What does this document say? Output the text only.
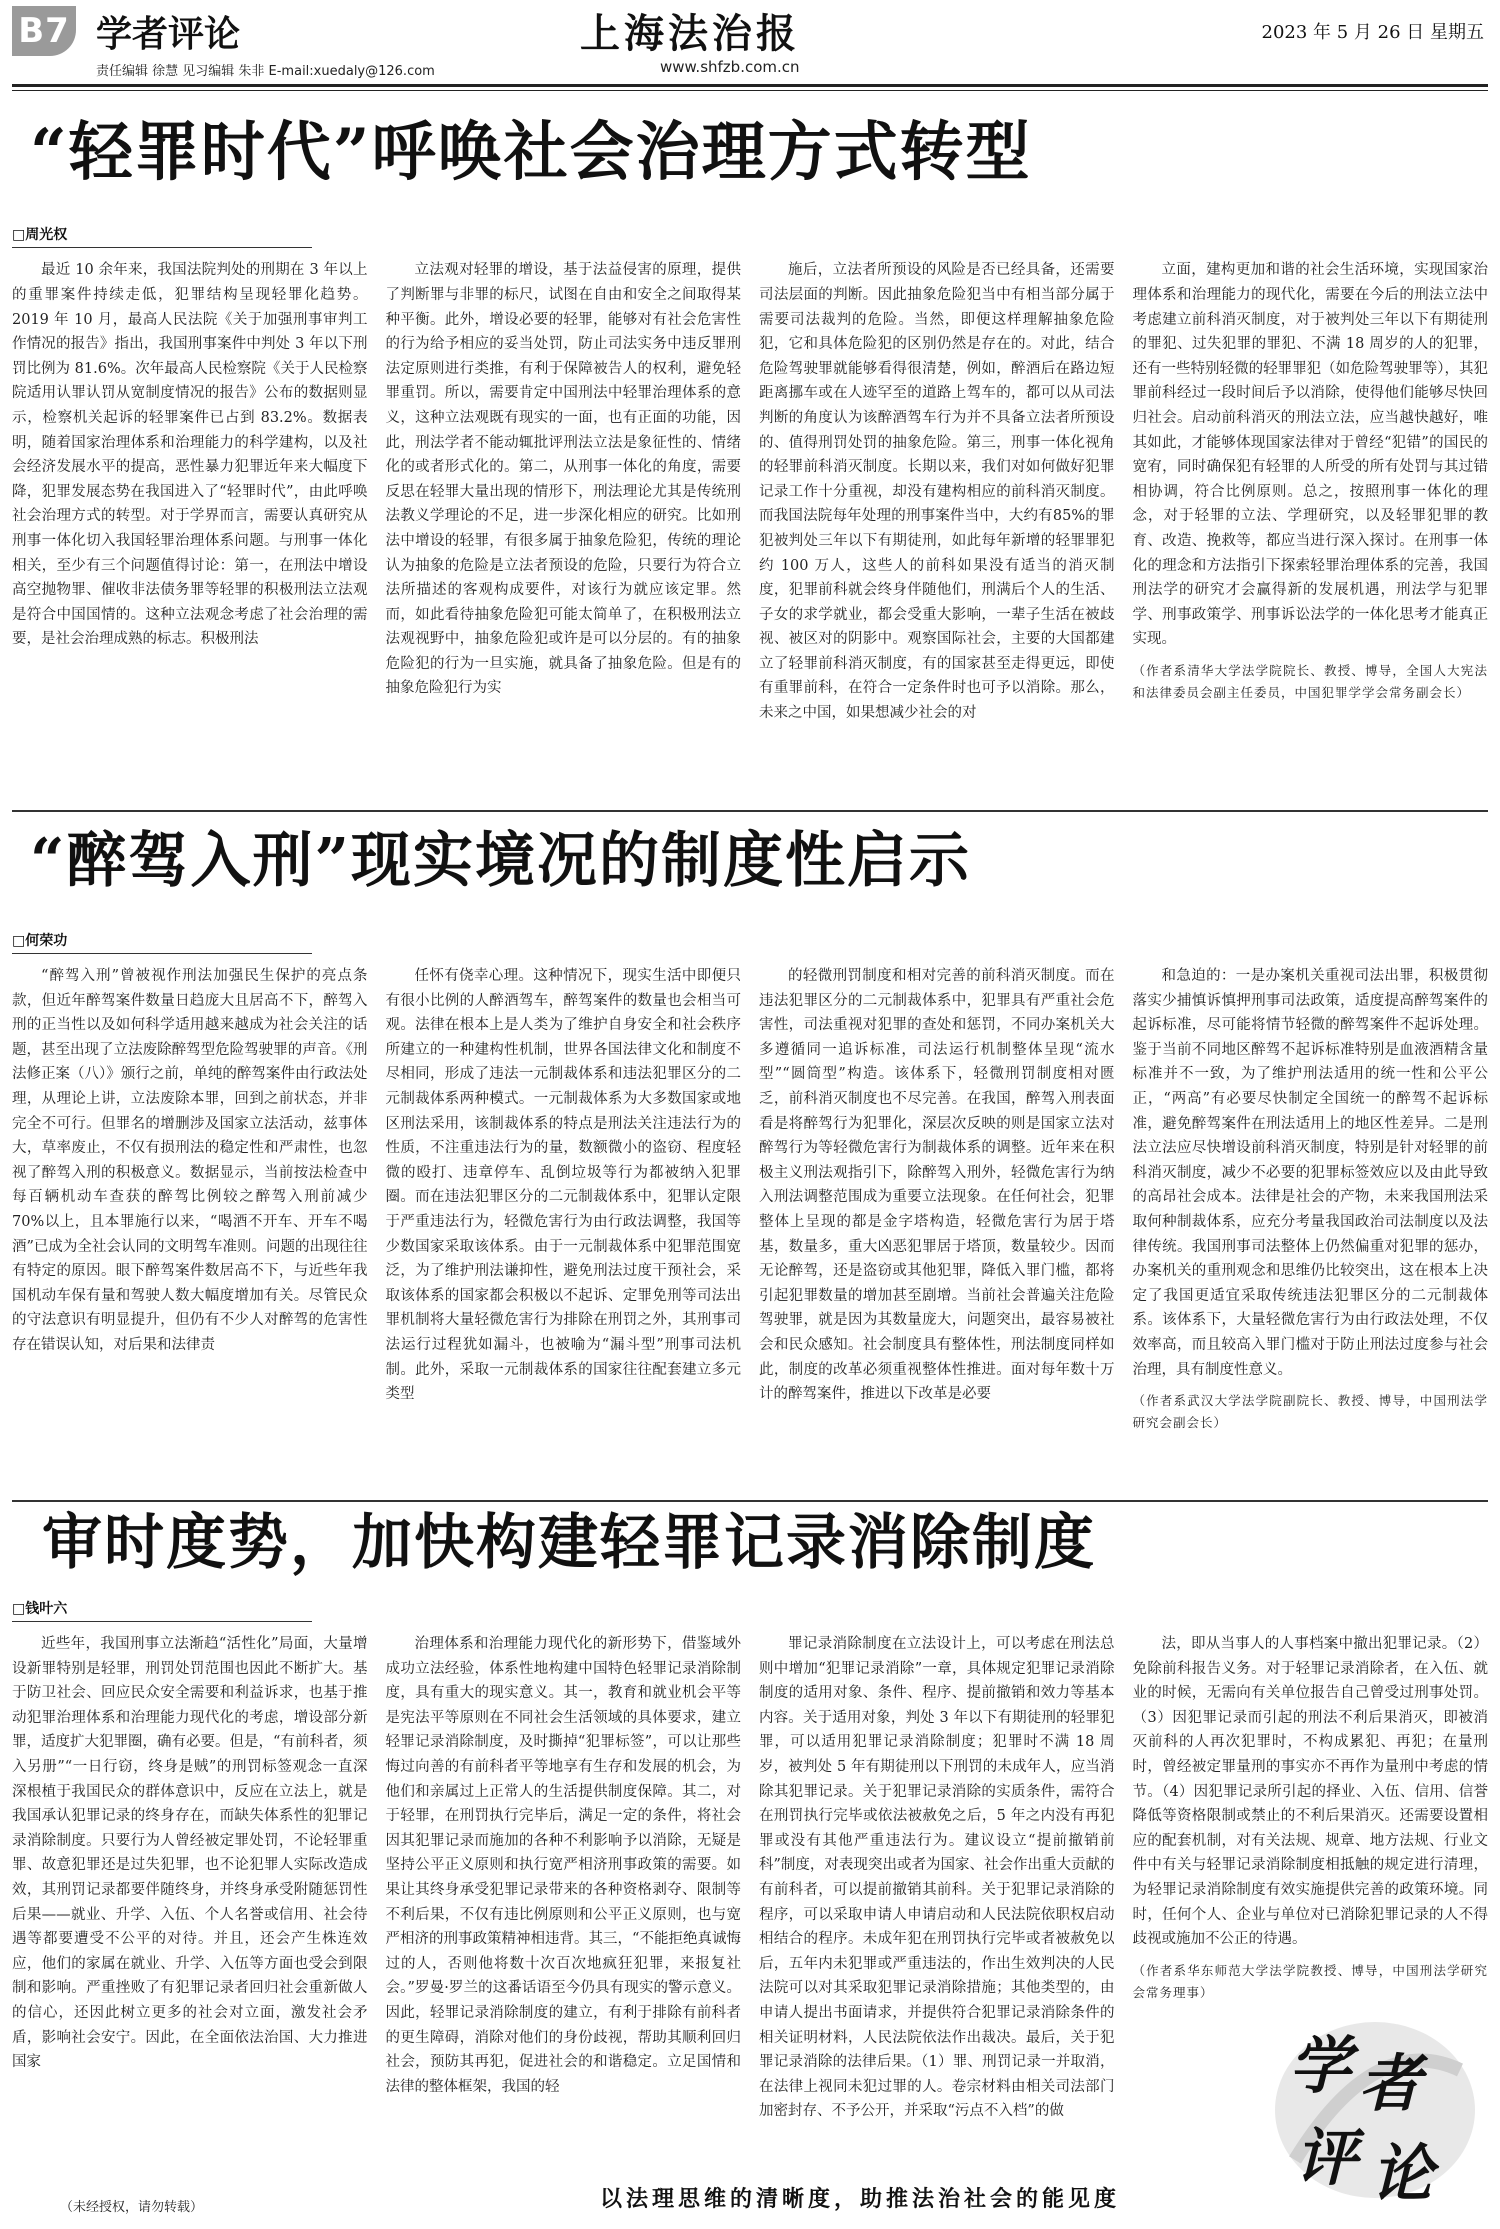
B7 学者评论
责任编辑 徐慧 见习编辑 朱非 E-mail:xuedaly@126.com
上海法治报
www.shfzb.com.cn
2023 年 5 月 26 日 星期五
“轻罪时代”呼唤社会治理方式转型
□周光权

最近 10 余年来，我国法院判处的刑期在 3 年以上的重罪案件持续走低，犯罪结构呈现轻罪化趋势。2019 年 10 月，最高人民法院《关于加强刑事审判工作情况的报告》指出，我国刑事案件中判处 3 年以下刑罚比例为 81.6%。次年最高人民检察院《关于人民检察院适用认罪认罚从宽制度情况的报告》公布的数据则显示，检察机关起诉的轻罪案件已占到 83.2%。数据表明，随着国家治理体系和治理能力的科学建构，以及社会经济发展水平的提高，恶性暴力犯罪近年来大幅度下降，犯罪发展态势在我国进入了“轻罪时代”，由此呼唤社会治理方式的转型。对于学界而言，需要认真研究从刑事一体化切入我国轻罪治理体系问题。与刑事一体化相关，至少有三个问题值得讨论：第一，在刑法中增设高空抛物罪、催收非法债务罪等轻罪的积极刑法立法观是符合中国国情的。这种立法观念考虑了社会治理的需要，是社会治理成熟的标志。积极刑法

立法观对轻罪的增设，基于法益侵害的原理，提供了判断罪与非罪的标尺，试图在自由和安全之间取得某种平衡。此外，增设必要的轻罪，能够对有社会危害性的行为给予相应的妥当处罚，防止司法实务中违反罪刑法定原则进行类推，有利于保障被告人的权利，避免轻罪重罚。所以，需要肯定中国刑法中轻罪治理体系的意义，这种立法观既有现实的一面，也有正面的功能，因此，刑法学者不能动辄批评刑法立法是象征性的、情绪化的或者形式化的。第二，从刑事一体化的角度，需要反思在轻罪大量出现的情形下，刑法理论尤其是传统刑法教义学理论的不足，进一步深化相应的研究。比如刑法中增设的轻罪，有很多属于抽象危险犯，传统的理论认为抽象的危险是立法者预设的危险，只要行为符合立法所描述的客观构成要件，对该行为就应该定罪。然而，如此看待抽象危险犯可能太简单了，在积极刑法立法观视野中，抽象危险犯或许是可以分层的。有的抽象危险犯的行为一旦实施，就具备了抽象危险。但是有的抽象危险犯行为实

施后，立法者所预设的风险是否已经具备，还需要司法层面的判断。因此抽象危险犯当中有相当部分属于需要司法裁判的危险。当然，即便这样理解抽象危险犯，它和具体危险犯的区别仍然是存在的。对此，结合危险驾驶罪就能够看得很清楚，例如，醉酒后在路边短距离挪车或在人迹罕至的道路上驾车的，都可以从司法判断的角度认为该醉酒驾车行为并不具备立法者所预设的、值得刑罚处罚的抽象危险。第三，刑事一体化视角的轻罪前科消灭制度。长期以来，我们对如何做好犯罪记录工作十分重视，却没有建构相应的前科消灭制度。而我国法院每年处理的刑事案件当中，大约有85%的罪犯被判处三年以下有期徒刑，如此每年新增的轻罪罪犯约 100 万人，这些人的前科如果没有适当的消灭制度，犯罪前科就会终身伴随他们，刑满后个人的生活、子女的求学就业，都会受重大影响，一辈子生活在被歧视、被区对的阴影中。观察国际社会，主要的大国都建立了轻罪前科消灭制度，有的国家甚至走得更远，即使有重罪前科，在符合一定条件时也可予以消除。那么，未来之中国，如果想减少社会的对

立面，建构更加和谐的社会生活环境，实现国家治理体系和治理能力的现代化，需要在今后的刑法立法中考虑建立前科消灭制度，对于被判处三年以下有期徒刑的罪犯、过失犯罪的罪犯、不满 18 周岁的人的犯罪，还有一些特别轻微的轻罪罪犯（如危险驾驶罪等），其犯罪前科经过一段时间后予以消除，使得他们能够尽快回归社会。启动前科消灭的刑法立法，应当越快越好，唯其如此，才能够体现国家法律对于曾经“犯错”的国民的宽宥，同时确保犯有轻罪的人所受的所有处罚与其过错相协调，符合比例原则。总之，按照刑事一体化的理念，对于轻罪的立法、学理研究，以及轻罪犯罪的教育、改造、挽救等，都应当进行深入探讨。在刑事一体化的理念和方法指引下探索轻罪治理体系的完善，我国刑法学的研究才会赢得新的发展机遇，刑法学与犯罪学、刑事政策学、刑事诉讼法学的一体化思考才能真正实现。

（作者系清华大学法学院院长、教授、博导，全国人大宪法和法律委员会副主任委员，中国犯罪学学会常务副会长）

“醉驾入刑”现实境况的制度性启示
□何荣功

“醉驾入刑”曾被视作刑法加强民生保护的亮点条款，但近年醉驾案件数量日趋庞大且居高不下，醉驾入刑的正当性以及如何科学适用越来越成为社会关注的话题，甚至出现了立法废除醉驾型危险驾驶罪的声音。《刑法修正案（八）》颁行之前，单纯的醉驾案件由行政法处理，从理论上讲，立法废除本罪，回到之前状态，并非完全不可行。但罪名的增删涉及国家立法活动，兹事体大，草率废止，不仅有损刑法的稳定性和严肃性，也忽视了醉驾入刑的积极意义。数据显示，当前按法检查中每百辆机动车查获的醉驾比例较之醉驾入刑前减少 70%以上，且本罪施行以来，“喝酒不开车、开车不喝酒”已成为全社会认同的文明驾车准则。问题的出现往往有特定的原因。眼下醉驾案件数居高不下，与近些年我国机动车保有量和驾驶人数大幅度增加有关。尽管民众的守法意识有明显提升，但仍有不少人对醉驾的危害性存在错误认知，对后果和法律责

任怀有侥幸心理。这种情况下，现实生活中即便只有很小比例的人醉酒驾车，醉驾案件的数量也会相当可观。法律在根本上是人类为了维护自身安全和社会秩序所建立的一种建构性机制，世界各国法律文化和制度不尽相同，形成了违法一元制裁体系和违法犯罪区分的二元制裁体系两种模式。一元制裁体系为大多数国家或地区刑法采用，该制裁体系的特点是刑法关注违法行为的性质，不注重违法行为的量，数额微小的盗窃、程度轻微的殴打、违章停车、乱倒垃圾等行为都被纳入犯罪圈。而在违法犯罪区分的二元制裁体系中，犯罪认定限于严重违法行为，轻微危害行为由行政法调整，我国等少数国家采取该体系。由于一元制裁体系中犯罪范围宽泛，为了维护刑法谦抑性，避免刑法过度干预社会，采取该体系的国家都会积极以不起诉、定罪免刑等司法出罪机制将大量轻微危害行为排除在刑罚之外，其刑事司法运行过程犹如漏斗，也被喻为“漏斗型”刑事司法机制。此外，采取一元制裁体系的国家往往配套建立多元类型

的轻微刑罚制度和相对完善的前科消灭制度。而在违法犯罪区分的二元制裁体系中，犯罪具有严重社会危害性，司法重视对犯罪的查处和惩罚，不同办案机关大多遵循同一追诉标准，司法运行机制整体呈现“流水型”“圆筒型”构造。该体系下，轻微刑罚制度相对匮乏，前科消灭制度也不尽完善。在我国，醉驾入刑表面看是将醉驾行为犯罪化，深层次反映的则是国家立法对醉驾行为等轻微危害行为制裁体系的调整。近年来在积极主义刑法观指引下，除醉驾入刑外，轻微危害行为纳入刑法调整范围成为重要立法现象。在任何社会，犯罪整体上呈现的都是金字塔构造，轻微危害行为居于塔基，数量多，重大凶恶犯罪居于塔顶，数量较少。因而无论醉驾，还是盗窃或其他犯罪，降低入罪门槛，都将引起犯罪数量的增加甚至剧增。当前社会普遍关注危险驾驶罪，就是因为其数量庞大，问题突出，最容易被社会和民众感知。社会制度具有整体性，刑法制度同样如此，制度的改革必须重视整体性推进。面对每年数十万计的醉驾案件，推进以下改革是必要

和急迫的：一是办案机关重视司法出罪，积极贯彻落实少捕慎诉慎押刑事司法政策，适度提高醉驾案件的起诉标准，尽可能将情节轻微的醉驾案件不起诉处理。鉴于当前不同地区醉驾不起诉标准特别是血液酒精含量标准并不一致，为了维护刑法适用的统一性和公平公正，“两高”有必要尽快制定全国统一的醉驾不起诉标准，避免醉驾案件在刑法适用上的地区性差异。二是刑法立法应尽快增设前科消灭制度，特别是针对轻罪的前科消灭制度，减少不必要的犯罪标签效应以及由此导致的高昂社会成本。法律是社会的产物，未来我国刑法采取何种制裁体系，应充分考量我国政治司法制度以及法律传统。我国刑事司法整体上仍然偏重对犯罪的惩办，办案机关的重刑观念和思维仍比较突出，这在根本上决定了我国更适宜采取传统违法犯罪区分的二元制裁体系。该体系下，大量轻微危害行为由行政法处理，不仅效率高，而且较高入罪门槛对于防止刑法过度参与社会治理，具有制度性意义。

（作者系武汉大学法学院副院长、教授、博导，中国刑法学研究会副会长）

审时度势，加快构建轻罪记录消除制度
□钱叶六

近些年，我国刑事立法渐趋“活性化”局面，大量增设新罪特别是轻罪，刑罚处罚范围也因此不断扩大。基于防卫社会、回应民众安全需要和利益诉求，也基于推动犯罪治理体系和治理能力现代化的考虑，增设部分新罪，适度扩大犯罪圈，确有必要。但是，“有前科者，须入另册”“一日行窃，终身是贼”的刑罚标签观念一直深深根植于我国民众的群体意识中，反应在立法上，就是我国承认犯罪记录的终身存在，而缺失体系性的犯罪记录消除制度。只要行为人曾经被定罪处罚，不论轻罪重罪、故意犯罪还是过失犯罪，也不论犯罪人实际改造成效，其刑罚记录都要伴随终身，并终身承受附随惩罚性后果——就业、升学、入伍、个人名誉或信用、社会待遇等都要遭受不公平的对待。并且，还会产生株连效应，他们的家属在就业、升学、入伍等方面也受会到限制和影响。严重挫败了有犯罪记录者回归社会重新做人的信心，还因此树立更多的社会对立面，激发社会矛盾，影响社会安宁。因此，在全面依法治国、大力推进国家

治理体系和治理能力现代化的新形势下，借鉴域外成功立法经验，体系性地构建中国特色轻罪记录消除制度，具有重大的现实意义。其一，教育和就业机会平等是宪法平等原则在不同社会生活领域的具体要求，建立轻罪记录消除制度，及时撕掉“犯罪标签”，可以让那些悔过向善的有前科者平等地享有生存和发展的机会，为他们和亲属过上正常人的生活提供制度保障。其二，对于轻罪，在刑罚执行完毕后，满足一定的条件，将社会因其犯罪记录而施加的各种不利影响予以消除，无疑是坚持公平正义原则和执行宽严相济刑事政策的需要。如果让其终身承受犯罪记录带来的各种资格剥夺、限制等不利后果，不仅有违比例原则和公平正义原则，也与宽严相济的刑事政策精神相违背。其三，“不能拒绝真诚悔过的人，否则他将数十次百次地疯狂犯罪，来报复社会。”罗曼·罗兰的这番话语至今仍具有现实的警示意义。因此，轻罪记录消除制度的建立，有利于排除有前科者的更生障碍，消除对他们的身份歧视，帮助其顺利回归社会，预防其再犯，促进社会的和谐稳定。立足国情和法律的整体框架，我国的轻

罪记录消除制度在立法设计上，可以考虑在刑法总则中增加“犯罪记录消除”一章，具体规定犯罪记录消除制度的适用对象、条件、程序、提前撤销和效力等基本内容。关于适用对象，判处 3 年以下有期徒刑的轻罪犯罪，可以适用犯罪记录消除制度；犯罪时不满 18 周岁，被判处 5 年有期徒刑以下刑罚的未成年人，应当消除其犯罪记录。关于犯罪记录消除的实质条件，需符合在刑罚执行完毕或依法被赦免之后，5 年之内没有再犯罪或没有其他严重违法行为。建议设立“提前撤销前科”制度，对表现突出或者为国家、社会作出重大贡献的有前科者，可以提前撤销其前科。关于犯罪记录消除的程序，可以采取申请人申请启动和人民法院依职权启动相结合的程序。未成年犯在刑罚执行完毕或者被赦免以后，五年内未犯罪或严重违法的，作出生效判决的人民法院可以对其采取犯罪记录消除措施；其他类型的，由申请人提出书面请求，并提供符合犯罪记录消除条件的相关证明材料，人民法院依法作出裁决。最后，关于犯罪记录消除的法律后果。（1）罪、刑罚记录一并取消，在法律上视同未犯过罪的人。卷宗材料由相关司法部门加密封存、不予公开，并采取“污点不入档”的做

法，即从当事人的人事档案中撤出犯罪记录。（2）免除前科报告义务。对于轻罪记录消除者，在入伍、就业的时候，无需向有关单位报告自己曾受过刑事处罚。（3）因犯罪记录而引起的刑法不利后果消灭，即被消灭前科的人再次犯罪时，不构成累犯、再犯；在量刑时，曾经被定罪量刑的事实亦不再作为量刑中考虑的情节。（4）因犯罪记录所引起的择业、入伍、信用、信誉降低等资格限制或禁止的不利后果消灭。还需要设置相应的配套机制，对有关法规、规章、地方法规、行业文件中有关与轻罪记录消除制度相抵触的规定进行清理，为轻罪记录消除制度有效实施提供完善的政策环境。同时，任何个人、企业与单位对已消除犯罪记录的人不得歧视或施加不公正的待遇。

（作者系华东师范大学法学院教授、博导，中国刑法学研究会常务理事）

学 者
评 论
（未经授权，请勿转载）	以法理思维的清晰度，助推法治社会的能见度
